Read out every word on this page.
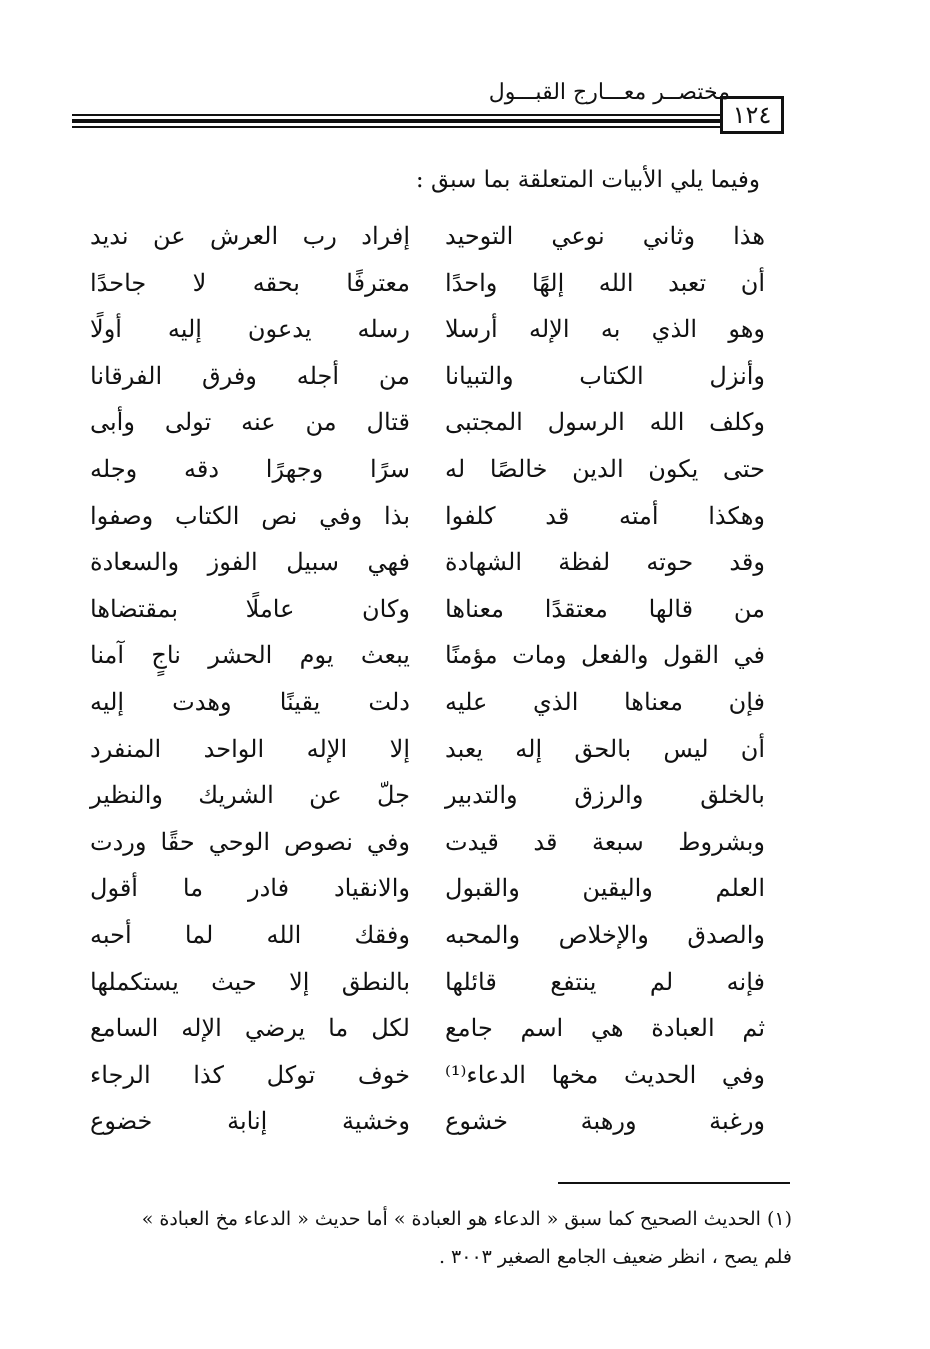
مختصــر معـــارج القبـــول
١٢٤
وفيما يلي الأبيات المتعلقة بما سبق :
هذا وثاني نوعي التوحيد
إفراد رب العرش عن نديد
أن تعبد الله إلهًا واحدًا
معترفًا بحقه لا جاحدًا
وهو الذي به الإله أرسلا
رسله يدعون إليه أولًا
وأنزل الكتاب والتبيانا
من أجله وفرق الفرقانا
وكلف الله الرسول المجتبى
قتال من عنه تولى وأبى
حتى يكون الدين خالصًا له
سرًا وجهرًا دقه وجله
وهكذا أمته قد كلفوا
بذا وفي نص الكتاب وصفوا
وقد حوته لفظة الشهادة
فهي سبيل الفوز والسعادة
من قالها معتقدًا معناها
وكان عاملًا بمقتضاها
في القول والفعل ومات مؤمنًا
يبعث يوم الحشر ناجٍ آمنا
فإن معناها الذي عليه
دلت يقينًا وهدت إليه
أن ليس بالحق إله يعبد
إلا الإله الواحد المنفرد
بالخلق والرزق والتدبير
جلّ عن الشريك والنظير
وبشروط سبعة قد قيدت
وفي نصوص الوحي حقًا وردت
العلم واليقين والقبول
والانقياد فادر ما أقول
والصدق والإخلاص والمحبه
وفقك الله لما أحبه
فإنه لم ينتفع قائلها
بالنطق إلا حيث يستكملها
ثم العبادة هي اسم جامع
لكل ما يرضي الإله السامع
وفي الحديث مخها الدعاء⁽¹⁾
خوف توكل كذا الرجاء
ورغبة ورهبة خشوع
وخشية إنابة خضوع
(١) الحديث الصحيح كما سبق « الدعاء هو العبادة » أما حديث « الدعاء مخ العبادة »
فلم يصح ، انظر ضعيف الجامع الصغير ٣٠٠٣ .
